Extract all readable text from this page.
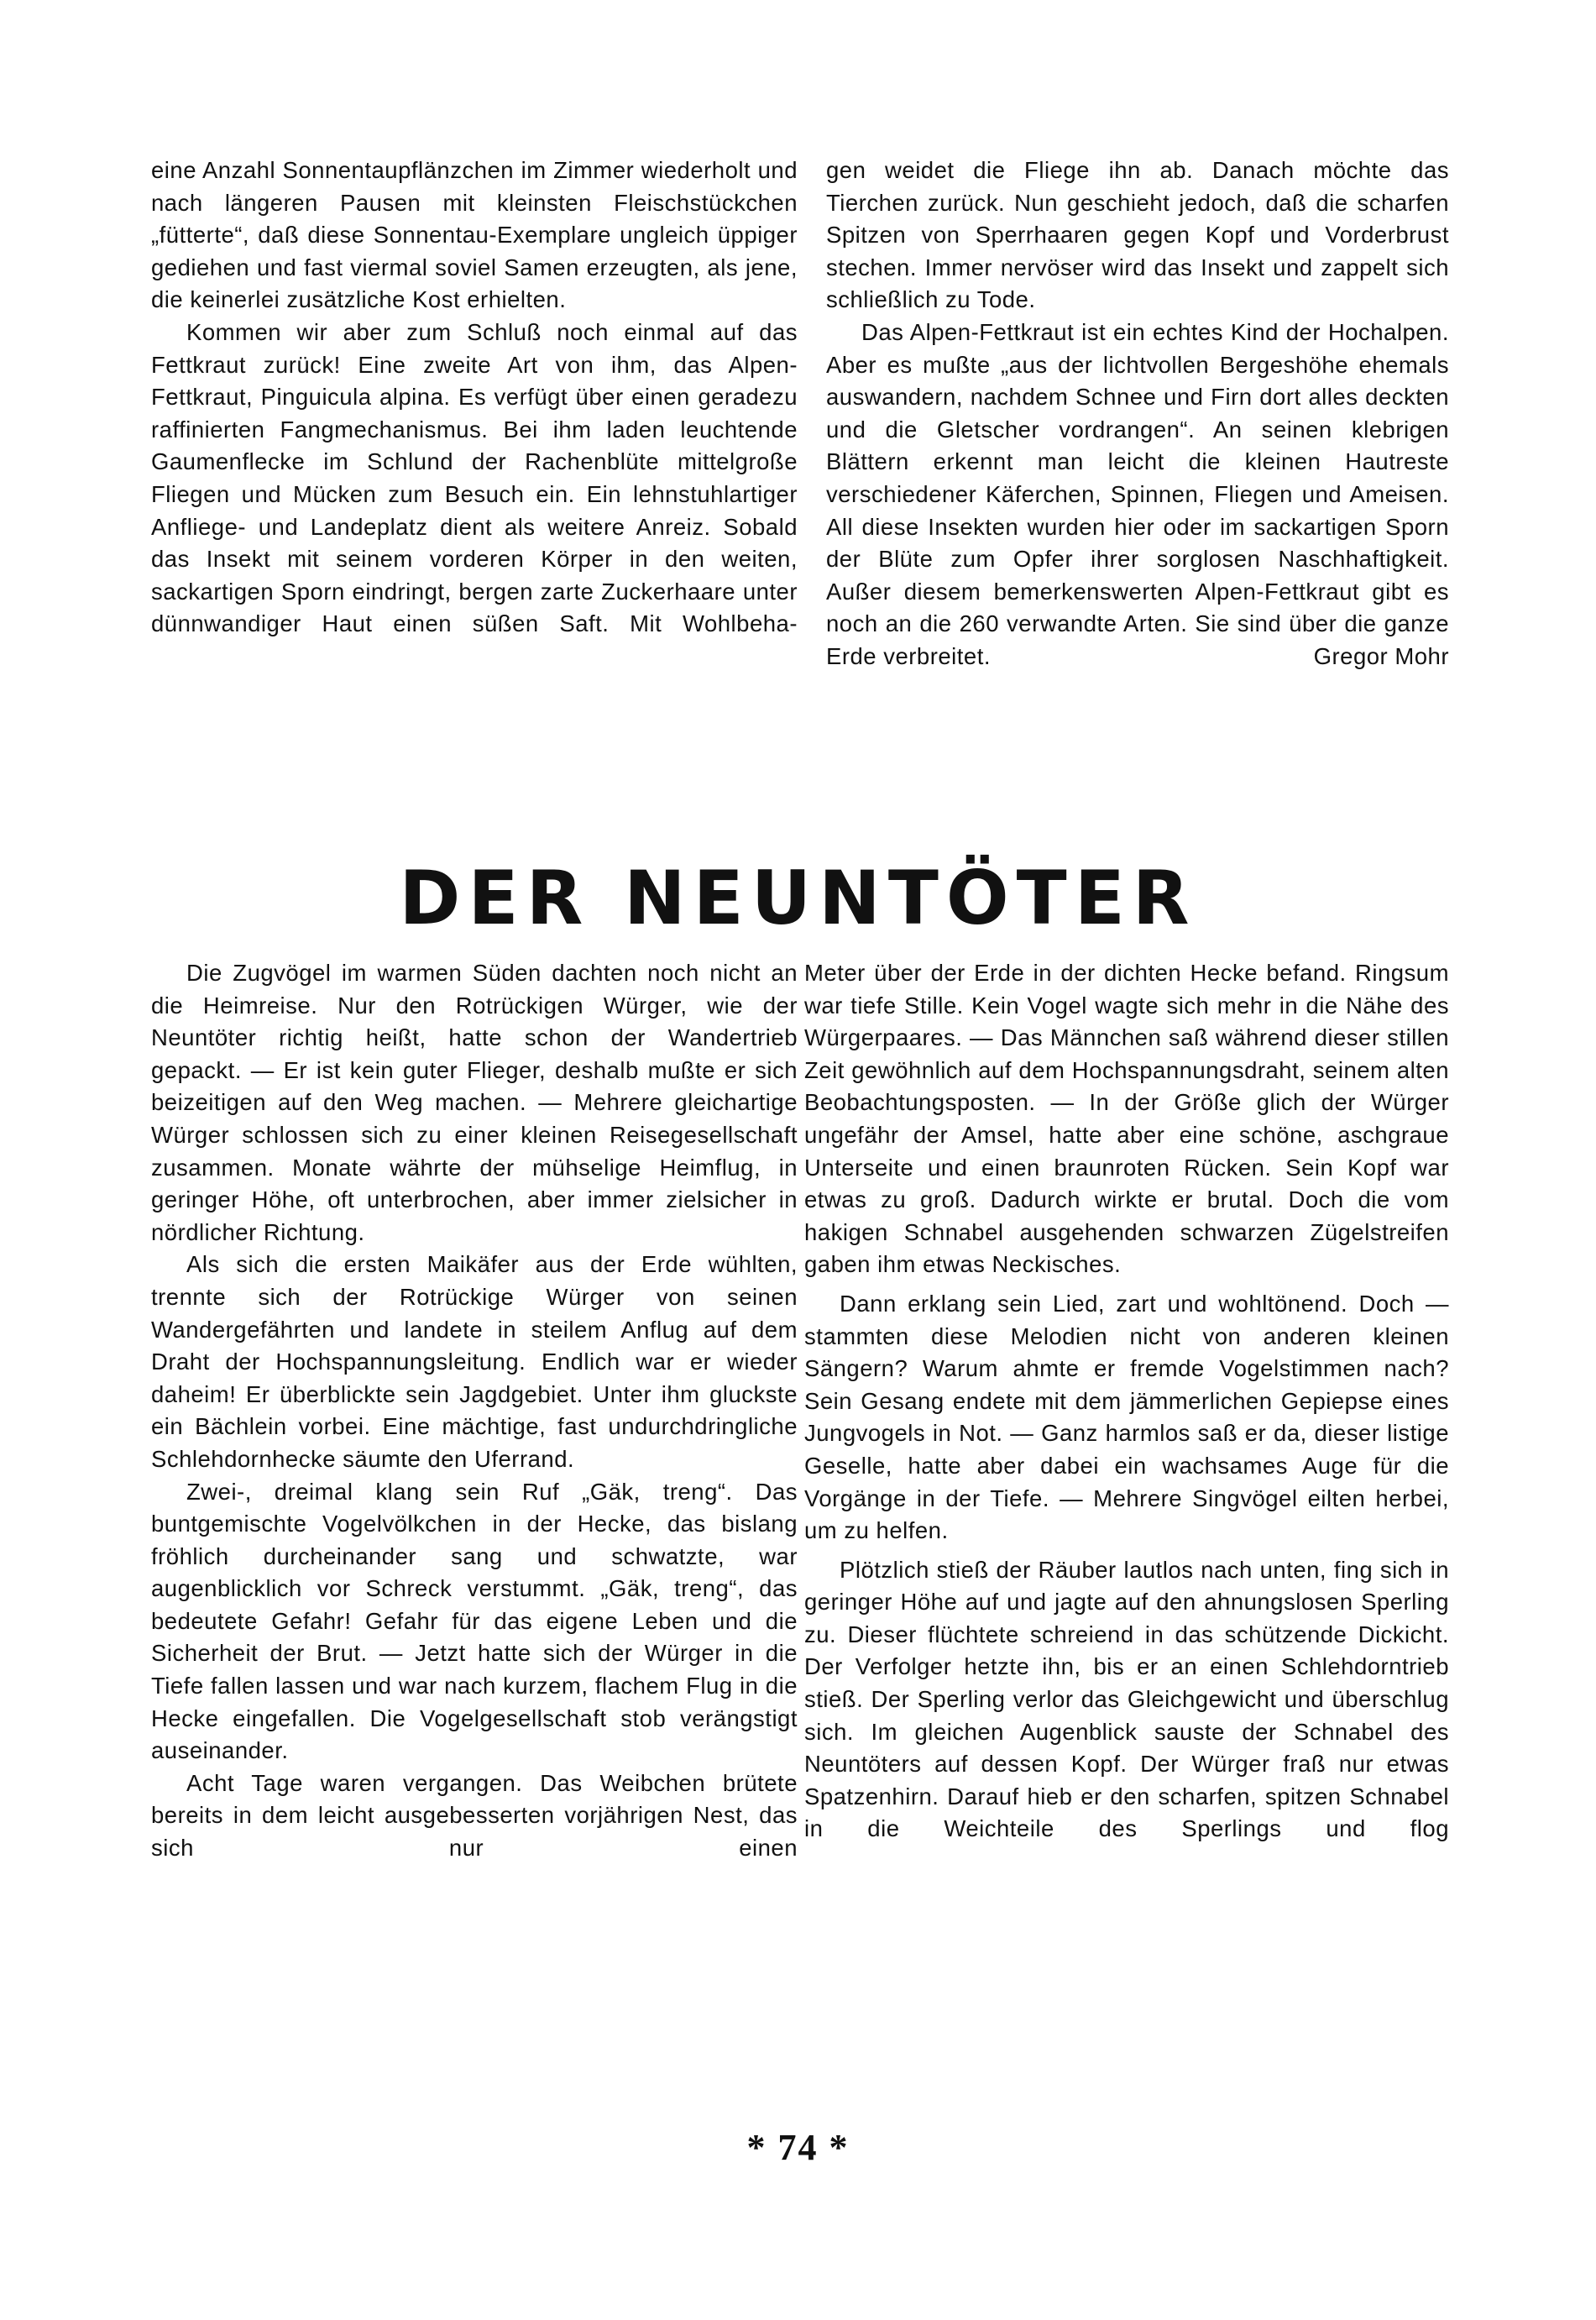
eine Anzahl Sonnentaupflänzchen im Zimmer wiederholt und nach längeren Pausen mit kleinsten Fleischstückchen „fütterte“, daß diese Sonnentau-Exemplare ungleich üppiger gediehen und fast viermal soviel Samen erzeugten, als jene, die keinerlei zusätzliche Kost erhielten.

Kommen wir aber zum Schluß noch einmal auf das Fettkraut zurück! Eine zweite Art von ihm, das Alpen-Fettkraut, Pinguicula alpina. Es verfügt über einen geradezu raffinierten Fangmechanismus. Bei ihm laden leuchtende Gaumenflecke im Schlund der Rachenblüte mittelgroße Fliegen und Mücken zum Besuch ein. Ein lehnstuhlartiger Anfliege- und Landeplatz dient als weitere Anreiz. Sobald das Insekt mit seinem vorderen Körper in den weiten, sackartigen Sporn eindringt, bergen zarte Zuckerhaare unter dünnwandiger Haut einen süßen Saft. Mit Wohlbeha-

gen weidet die Fliege ihn ab. Danach möchte das Tierchen zurück. Nun geschieht jedoch, daß die scharfen Spitzen von Sperrhaaren gegen Kopf und Vorderbrust stechen. Immer nervöser wird das Insekt und zappelt sich schließlich zu Tode.

Das Alpen-Fettkraut ist ein echtes Kind der Hochalpen. Aber es mußte „aus der lichtvollen Bergeshöhe ehemals auswandern, nachdem Schnee und Firn dort alles deckten und die Gletscher vordrangen“. An seinen klebrigen Blättern erkennt man leicht die kleinen Hautreste verschiedener Käferchen, Spinnen, Fliegen und Ameisen. All diese Insekten wurden hier oder im sackartigen Sporn der Blüte zum Opfer ihrer sorglosen Naschhaftigkeit. Außer diesem bemerkenswerten Alpen-Fettkraut gibt es noch an die 260 verwandte Arten. Sie sind über die ganze Erde verbreitet.	Gregor Mohr

DER NEUNTÖTER

Die Zugvögel im warmen Süden dachten noch nicht an die Heimreise. Nur den Rotrückigen Würger, wie der Neuntöter richtig heißt, hatte schon der Wandertrieb gepackt. — Er ist kein guter Flieger, deshalb mußte er sich beizeitigen auf den Weg machen. — Mehrere gleichartige Würger schlossen sich zu einer kleinen Reisegesellschaft zusammen. Monate währte der mühselige Heimflug, in geringer Höhe, oft unterbrochen, aber immer zielsicher in nördlicher Richtung.

Als sich die ersten Maikäfer aus der Erde wühlten, trennte sich der Rotrückige Würger von seinen Wandergefährten und landete in steilem Anflug auf dem Draht der Hochspannungsleitung. Endlich war er wieder daheim! Er überblickte sein Jagdgebiet. Unter ihm gluckste ein Bächlein vorbei. Eine mächtige, fast undurchdringliche Schlehdornhecke säumte den Uferrand.

Zwei-, dreimal klang sein Ruf „Gäk, treng“. Das buntgemischte Vogelvölkchen in der Hecke, das bislang fröhlich durcheinander sang und schwatzte, war augenblicklich vor Schreck verstummt. „Gäk, treng“, das bedeutete Gefahr! Gefahr für das eigene Leben und die Sicherheit der Brut. — Jetzt hatte sich der Würger in die Tiefe fallen lassen und war nach kurzem, flachem Flug in die Hecke eingefallen. Die Vogelgesellschaft stob verängstigt auseinander.

Acht Tage waren vergangen. Das Weibchen brütete bereits in dem leicht ausgebesserten vorjährigen Nest, das sich nur einen

Meter über der Erde in der dichten Hecke befand. Ringsum war tiefe Stille. Kein Vogel wagte sich mehr in die Nähe des Würgerpaares. — Das Männchen saß während dieser stillen Zeit gewöhnlich auf dem Hochspannungsdraht, seinem alten Beobachtungsposten. — In der Größe glich der Würger ungefähr der Amsel, hatte aber eine schöne, aschgraue Unterseite und einen braunroten Rücken. Sein Kopf war etwas zu groß. Dadurch wirkte er brutal. Doch die vom hakigen Schnabel ausgehenden schwarzen Zügelstreifen gaben ihm etwas Neckisches.

Dann erklang sein Lied, zart und wohltönend. Doch — stammten diese Melodien nicht von anderen kleinen Sängern? Warum ahmte er fremde Vogelstimmen nach? Sein Gesang endete mit dem jämmerlichen Gepiepse eines Jungvogels in Not. — Ganz harmlos saß er da, dieser listige Geselle, hatte aber dabei ein wachsames Auge für die Vorgänge in der Tiefe. — Mehrere Singvögel eilten herbei, um zu helfen.

Plötzlich stieß der Räuber lautlos nach unten, fing sich in geringer Höhe auf und jagte auf den ahnungslosen Sperling zu. Dieser flüchtete schreiend in das schützende Dickicht. Der Verfolger hetzte ihn, bis er an einen Schlehdorntrieb stieß. Der Sperling verlor das Gleichgewicht und überschlug sich. Im gleichen Augenblick sauste der Schnabel des Neuntöters auf dessen Kopf. Der Würger fraß nur etwas Spatzenhirn. Darauf hieb er den scharfen, spitzen Schnabel in die Weichteile des Sperlings und flog

* 74 *
